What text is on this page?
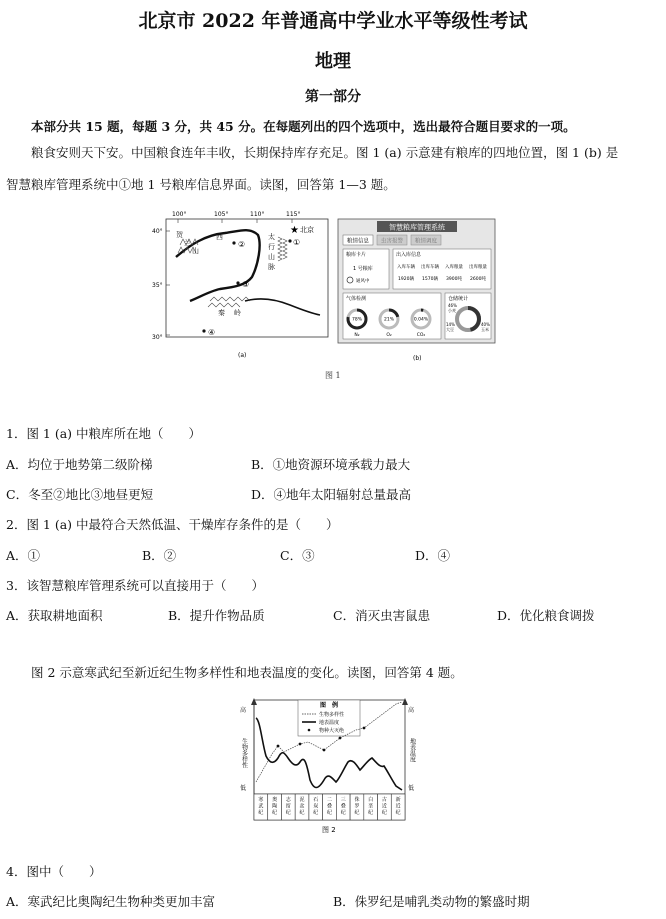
北京市 2022 年普通高中学业水平等级性考试
地理
第一部分
本部分共 15 题，每题 3 分，共 45 分。在每题列出的四个选项中，选出最符合题目要求的一项。
粮食安则天下安。中国粮食连年丰收，长期保持库存充足。图 1 (a) 示意建有粮库的四地位置，图 1 (b) 是
智慧粮库管理系统中①地 1 号粮库信息界面。读图，回答第 1—3 题。
100°	105°	110°	115°
40°
35°
30°
贺
兰
山
西	太
行
山
脉
秦 岭
★ 北京
①
②
③
④
(a)
智慧粮库管理系统
粮情信息 虫害报警 粮情调度
粮库卡片
1 号粮库
通风中
出入库信息
入库车辆 出库车辆 入库粮量 出库粮量
1920辆 1570辆 3900吨 2600吨
气体检测
78%
N₂
21%
O₂
0.04%
CO₂
仓储统计
46%
小麦
14%
大豆
40%
玉米
(b)
图 1
1．图 1 (a) 中粮库所在地（　　）
A．均位于地势第二级阶梯	B．①地资源环境承载力最大
C．冬至②地比③地昼更短	D．④地年太阳辐射总量最高
2．图 1 (a) 中最符合天然低温、干燥库存条件的是（　　）
A．①	B．②	C．③	D．④
3．该智慧粮库管理系统可以直接用于（　　）
A．获取耕地面积	B．提升作物品质	C．消灭虫害鼠患	D．优化粮食调拨
图 2 示意寒武纪至新近纪生物多样性和地表温度的变化。读图，回答第 4 题。
生物多样性	地表温度
高
低
高
低
图　例
生物多样性
地表温度
物种大灭绝
寒
武
纪
奥
陶
纪
志
留
纪
泥
盆
纪
石
炭
纪
二
叠
纪
三
叠
纪
侏
罗
纪
白
垩
纪
古
近
纪
新
近
纪
图 2
4．图中（　　）
A．寒武纪比奥陶纪生物种类更加丰富	B．侏罗纪是哺乳类动物的繁盛时期
